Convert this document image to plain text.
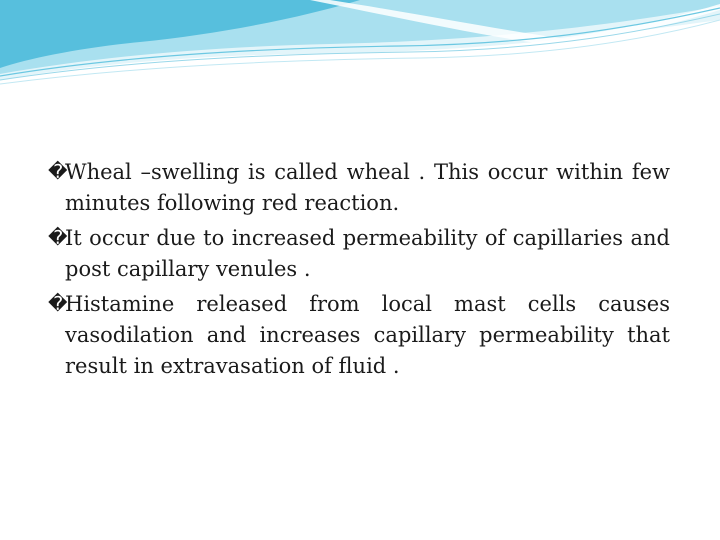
�
Wheal –swelling is called wheal . This occur within few minutes following red reaction.
�
It occur due to increased permeability of capillaries and post capillary venules .
�
Histamine released from local mast cells causes vasodilation and increases capillary permeability that result in extravasation of fluid .
